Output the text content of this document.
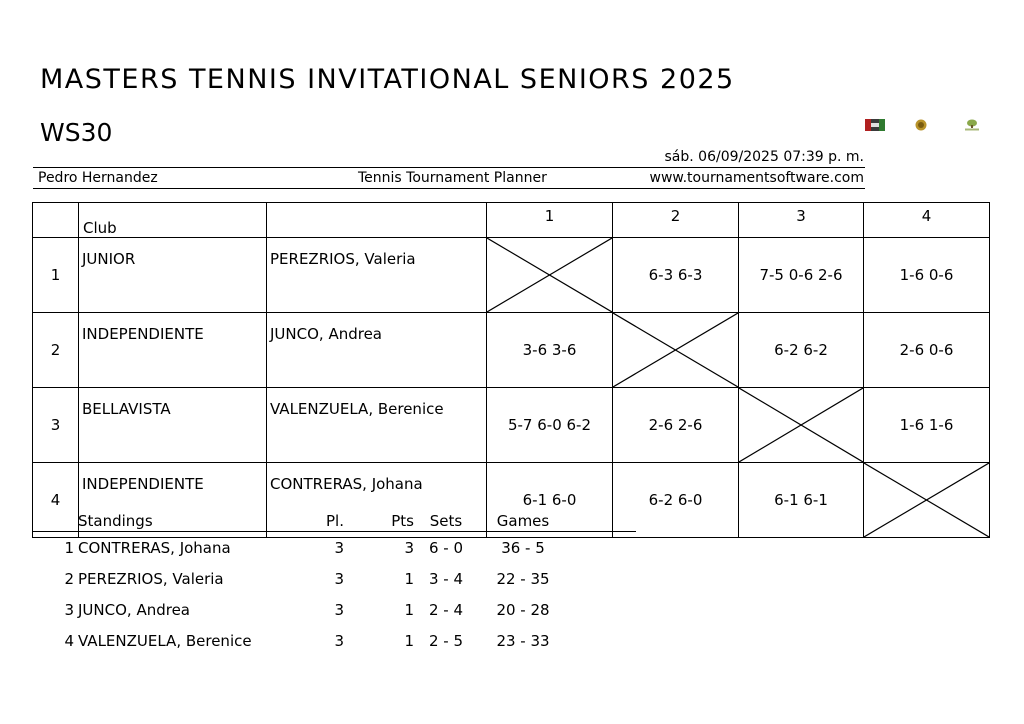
MASTERS TENNIS INVITATIONAL SENIORS 2025
WS30
sáb. 06/09/2025 07:39 p. m.
Pedro Hernandez	Tennis Tournament Planner	www.tournamentsoftware.com
	Club		1	2	3	4
1	JUNIOR	PEREZRIOS, Valeria		6-3 6-3	7-5 0-6 2-6	1-6 0-6
2	INDEPENDIENTE	JUNCO, Andrea	3-6 3-6		6-2 6-2	2-6 0-6
3	BELLAVISTA	VALENZUELA, Berenice	5-7 6-0 6-2	2-6 2-6		1-6 1-6
4	INDEPENDIENTE	CONTRERAS, Johana	6-1 6-0	6-2 6-0	6-1 6-1	
	Standings	Pl.	Pts	Sets	Games	
1	CONTRERAS, Johana	3	3	6 - 0	36 - 5	
2	PEREZRIOS, Valeria	3	1	3 - 4	22 - 35	
3	JUNCO, Andrea	3	1	2 - 4	20 - 28	
4	VALENZUELA, Berenice	3	1	2 - 5	23 - 33	
